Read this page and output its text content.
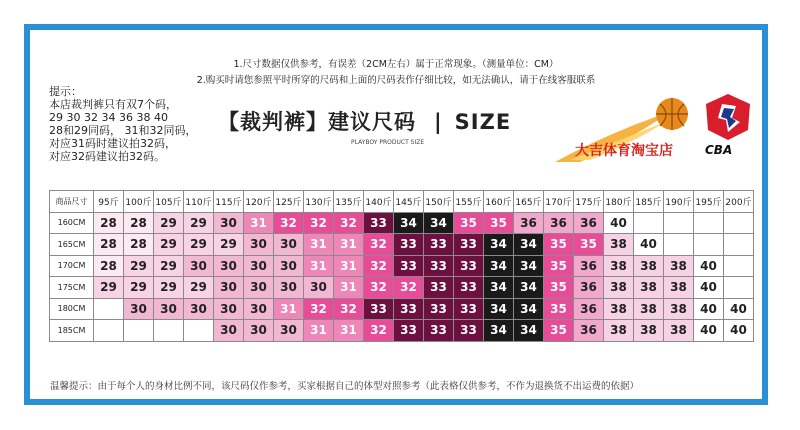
1.尺寸数据仅供参考，有误差（2CM左右）属于正常现象。（测量单位：CM）
2.购买时请您参照平时所穿的尺码和上面的尺码表作仔细比较，如无法确认，请于在线客服联系
提示：
本店裁判裤只有双7个码，
29 30 32 34 36 38 40
28和29同码， 31和32同码，
对应31码时建议拍32码，
对应32码建议拍32码。
【裁判裤】建议尺码 | SIZE
PLAYBOY PRODUCT SIZE
大吉体育淘宝店	CBA
商品尺寸	95斤	100斤	105斤	110斤	115斤	120斤	125斤	130斤	135斤	140斤	145斤	150斤	155斤	160斤	165斤	170斤	175斤	180斤	185斤	190斤	195斤	200斤
160CM	28	28	29	29	30	31	32	32	32	33	34	34	35	35	36	36	36	40				
165CM	28	28	29	29	29	30	30	31	31	32	33	33	33	34	34	35	35	38	40			
170CM	28	29	29	30	30	30	30	31	31	32	33	33	33	34	34	35	36	38	38	38	40	
175CM	29	29	29	29	30	30	30	30	31	32	32	33	33	34	34	35	36	38	38	38	40	
180CM		30	30	30	30	30	31	32	32	33	33	33	33	34	34	35	36	38	38	38	40	40
185CM					30	30	30	31	31	32	33	33	33	34	34	35	36	38	38	38	40	40
温馨提示：由于每个人的身材比例不同，该尺码仅作参考，买家根据自己的体型对照参考（此表格仅供参考，不作为退换货不出运费的依据）
